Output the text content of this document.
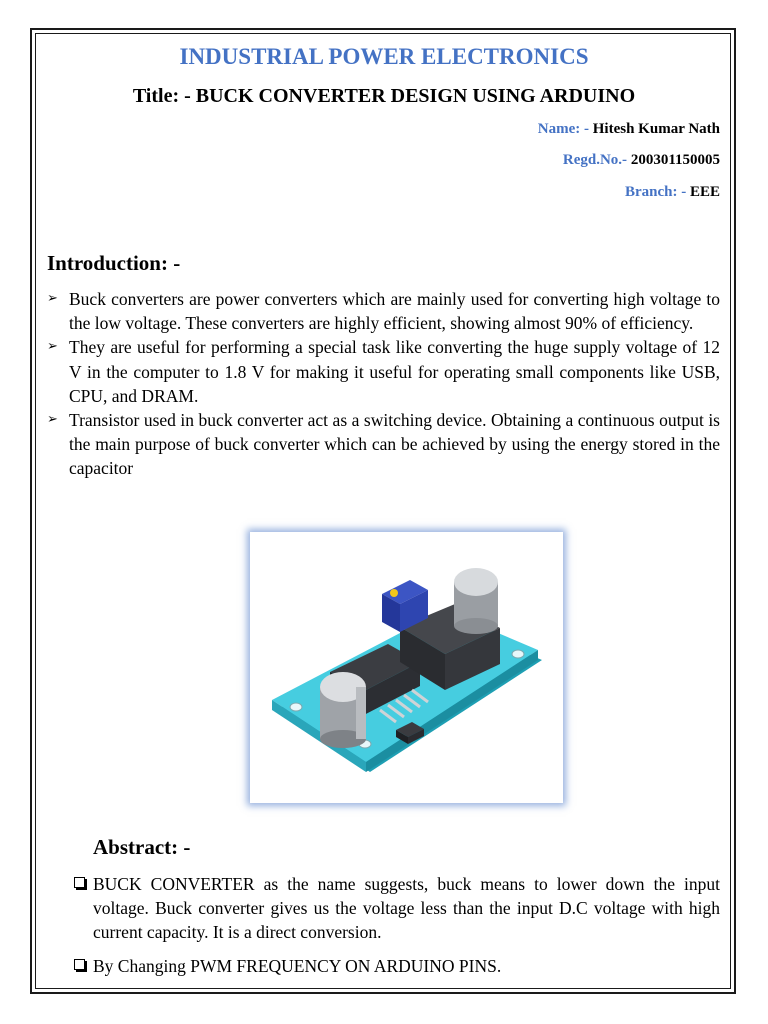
INDUSTRIAL POWER ELECTRONICS
Title: - BUCK CONVERTER DESIGN USING ARDUINO
Name: - Hitesh Kumar Nath
Regd.No.- 200301150005
Branch: - EEE
Introduction: -
➢ Buck converters are power converters which are mainly used for converting high voltage to the low voltage. These converters are highly efficient, showing almost 90% of efficiency.
➢ They are useful for performing a special task like converting the huge supply voltage of 12 V in the computer to 1.8 V for making it useful for operating small components like USB, CPU, and DRAM.
➢ Transistor used in buck converter act as a switching device. Obtaining a continuous output is the main purpose of buck converter which can be achieved by using the energy stored in the capacitor
Abstract: -
BUCK CONVERTER as the name suggests, buck means to lower down the input voltage. Buck converter gives us the voltage less than the input D.C voltage with high current capacity. It is a direct conversion.
By Changing PWM FREQUENCY ON ARDUINO PINS.
